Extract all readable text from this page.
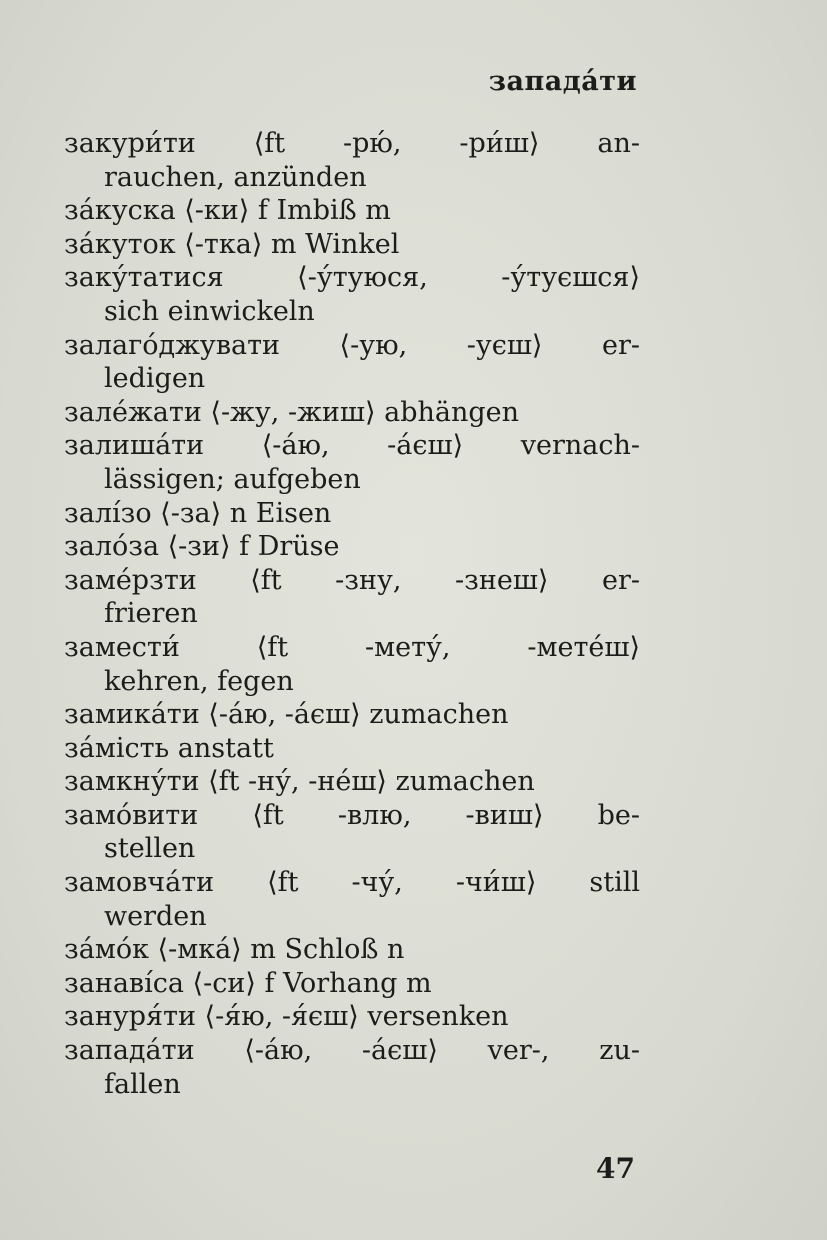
западáти
закури́ти ⟨ft -рю́, -ри́ш⟩ an-
rauchen, anzünden
зáкуска ⟨-ки⟩ f Imbiß m
зáкуток ⟨-тка⟩ m Winkel
заку́татися ⟨-у́туюся, -у́туєшся⟩
sich einwickeln
залагóджувати ⟨-ую, -уєш⟩ er-
ledigen
залéжати ⟨-жу, -жиш⟩ abhängen
залишáти ⟨-áю, -áєш⟩ vernach-
lässigen; aufgeben
залі́зо ⟨-за⟩ n Eisen
залóза ⟨-зи⟩ f Drüse
замéрзти ⟨ft -зну, -знеш⟩ er-
frieren
замести́ ⟨ft -мету́, -метéш⟩
kehren, fegen
замикáти ⟨-áю, -áєш⟩ zumachen
зáмість anstatt
замкну́ти ⟨ft -ну́, -нéш⟩ zumachen
замóвити ⟨ft -влю, -виш⟩ be-
stellen
замовчáти ⟨ft -чу́, -чи́ш⟩ still
werden
зáмóк ⟨-мкá⟩ m Schloß n
занаві́са ⟨-си⟩ f Vorhang m
зануря́ти ⟨-я́ю, -я́єш⟩ versenken
западáти ⟨-áю, -áєш⟩ ver-, zu-
fallen
47
